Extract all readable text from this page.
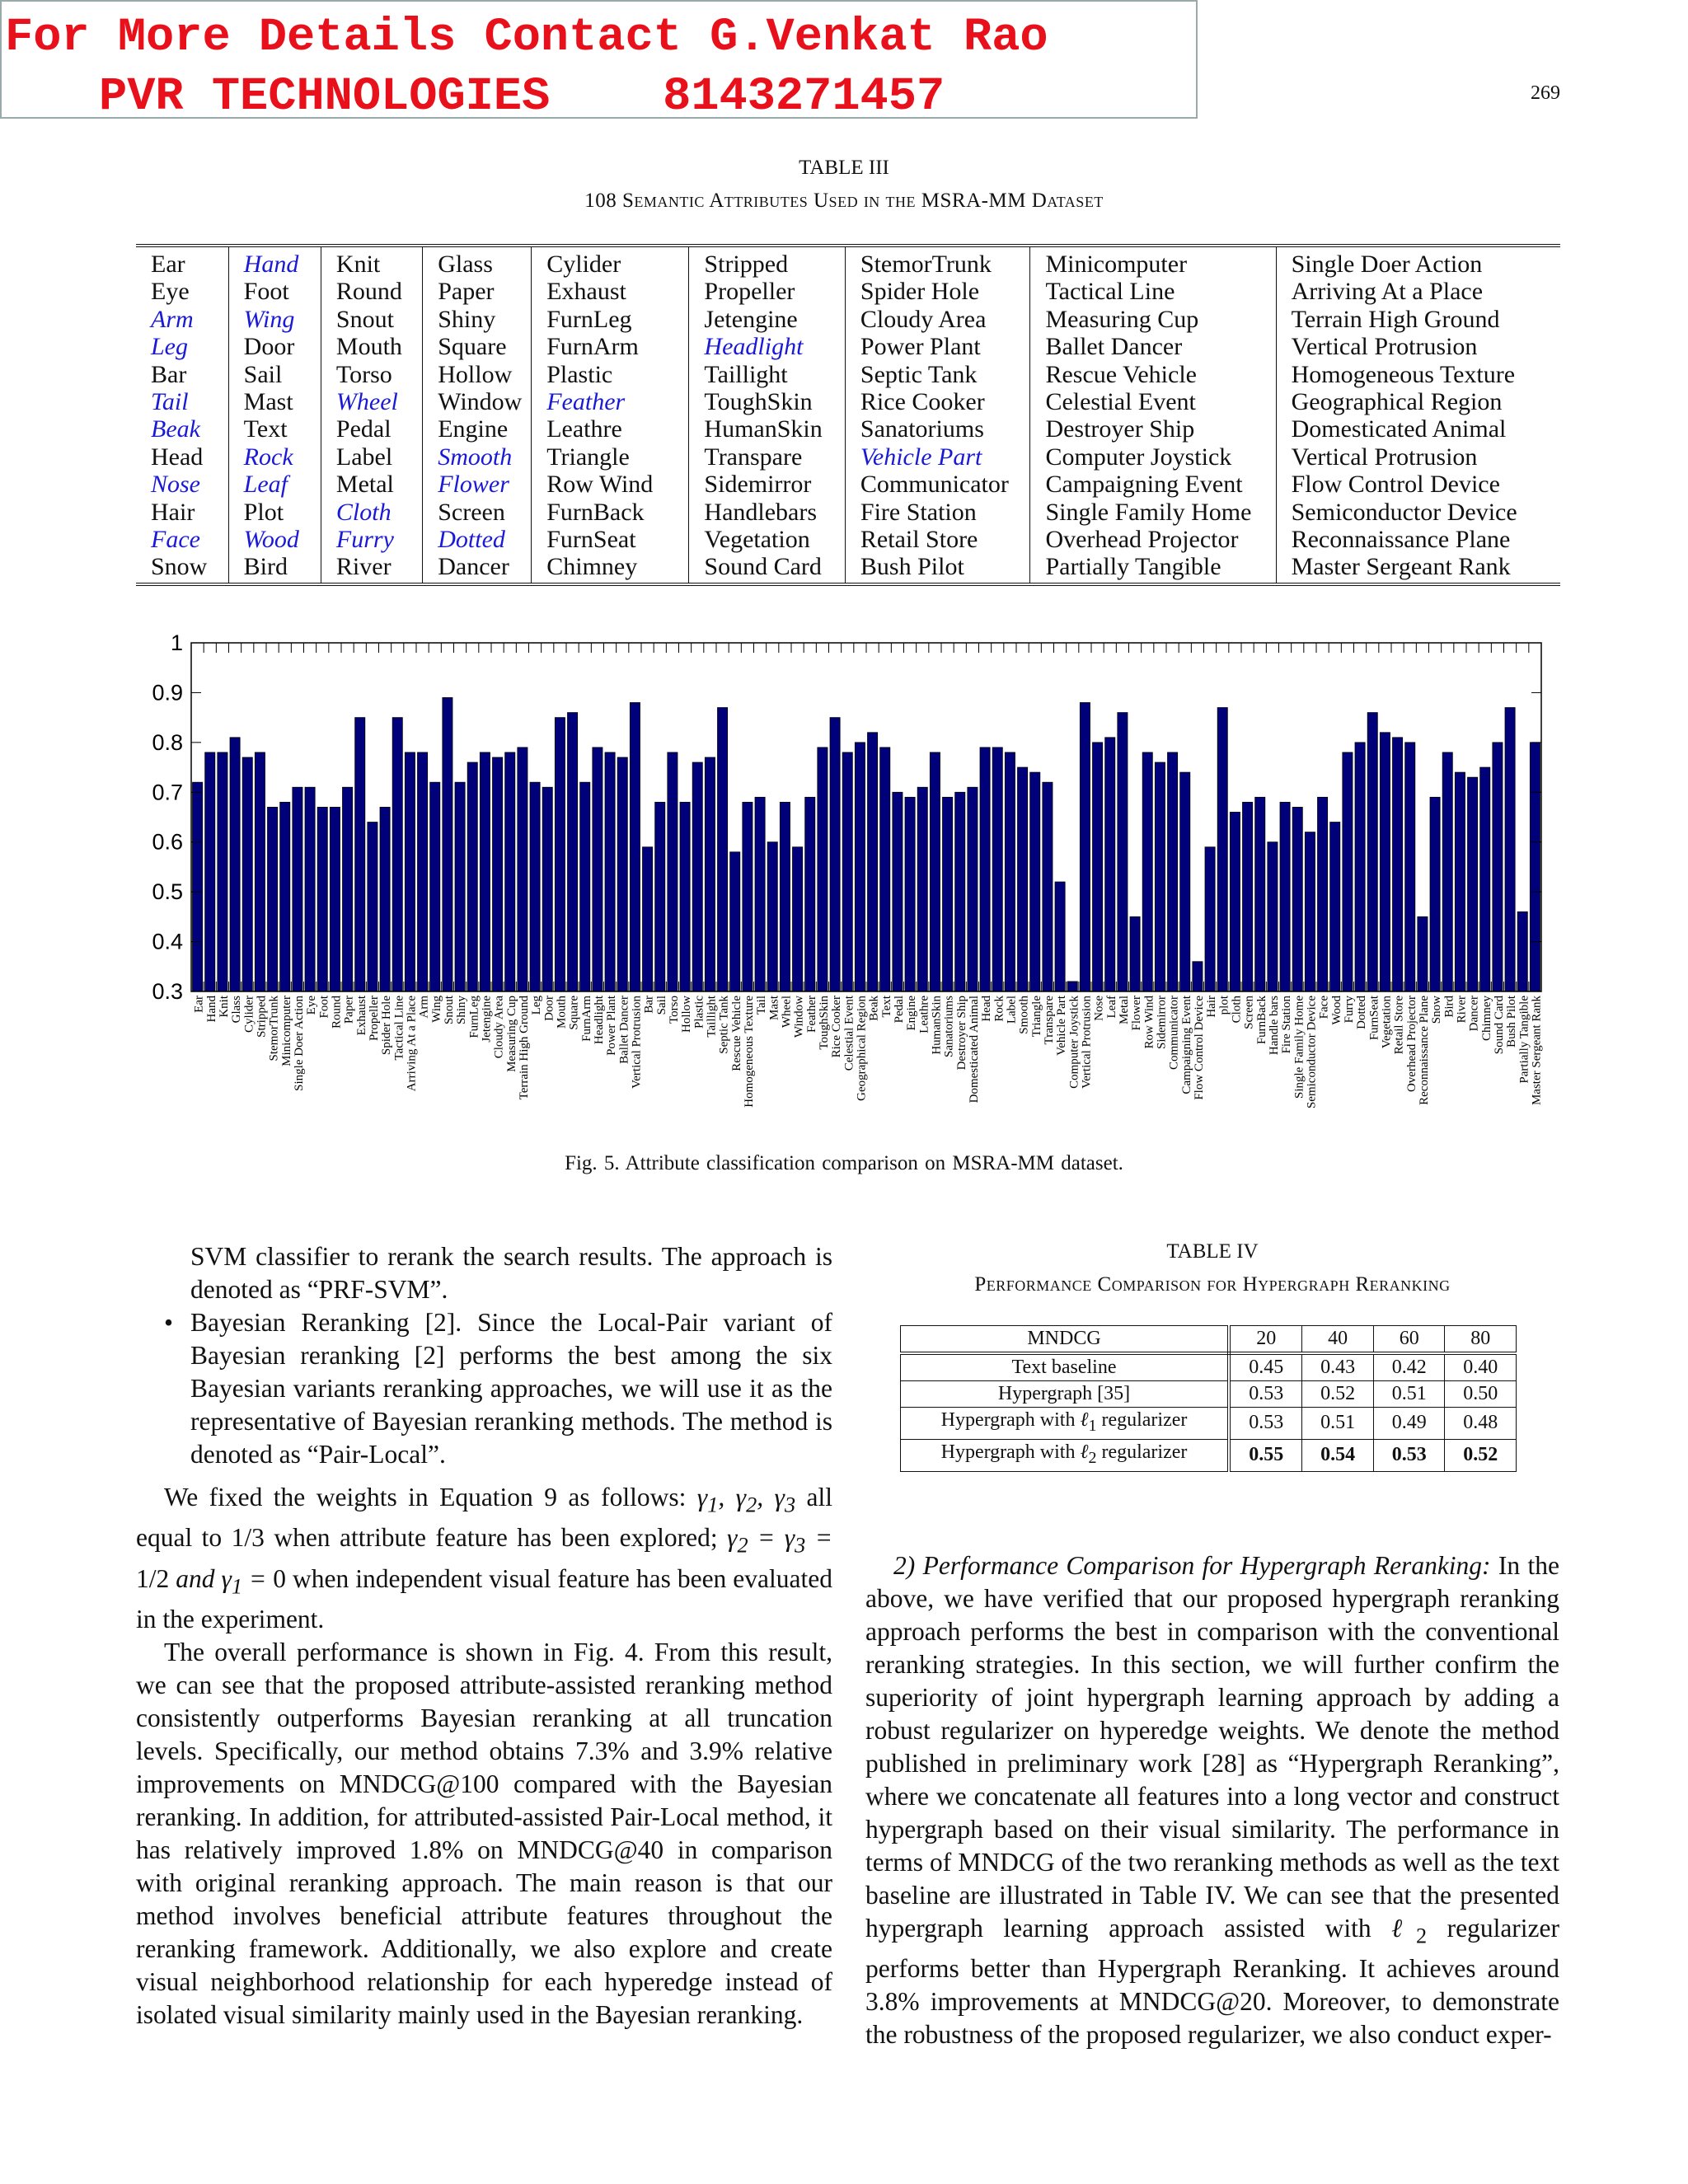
For More Details Contact G.Venkat Rao
PVR TECHNOLOGIES    8143271457	269
TABLE III
108 Semantic Attributes Used in the MSRA-MM Dataset
Ear	Hand	Knit	Glass	Cylider	Stripped	StemorTrunk	Minicomputer	Single Doer Action
Eye	Foot	Round	Paper	Exhaust	Propeller	Spider Hole	Tactical Line	Arriving At a Place
Arm	Wing	Snout	Shiny	FurnLeg	Jetengine	Cloudy Area	Measuring Cup	Terrain High Ground
Leg	Door	Mouth	Square	FurnArm	Headlight	Power Plant	Ballet Dancer	Vertical Protrusion
Bar	Sail	Torso	Hollow	Plastic	Taillight	Septic Tank	Rescue Vehicle	Homogeneous Texture
Tail	Mast	Wheel	Window	Feather	ToughSkin	Rice Cooker	Celestial Event	Geographical Region
Beak	Text	Pedal	Engine	Leathre	HumanSkin	Sanatoriums	Destroyer Ship	Domesticated Animal
Head	Rock	Label	Smooth	Triangle	Transpare	Vehicle Part	Computer Joystick	Vertical Protrusion
Nose	Leaf	Metal	Flower	Row Wind	Sidemirror	Communicator	Campaigning Event	Flow Control Device
Hair	Plot	Cloth	Screen	FurnBack	Handlebars	Fire Station	Single Family Home	Semiconductor Device
Face	Wood	Furry	Dotted	FurnSeat	Vegetation	Retail Store	Overhead Projector	Reconnaissance Plane
Snow	Bird	River	Dancer	Chimney	Sound Card	Bush Pilot	Partially Tangible	Master Sergeant Rank
0.3
0.4
0.5
0.6
0.7
0.8
0.9
1
Ear Hand Knit Glass Cylider Stripped StemorTrunk Minicomputer Single Doer Action Eye Foot Round Paper Exhaust Propeller Spider Hole Tactical Line Arriving At a Place Arm Wing Snout Shiny FurnLeg Jetengine Cloudy Area Measuring Cup Terrain High Ground Leg Door Mouth Square FurnArm Headlight Power Plant Ballet Dancer Vertical Protrusion Bar Sail Torso Hollow Plastic Taillight Septic Tank Rescue Vehicle Homogeneous Texture Tail Mast Wheel Window Feather ToughSkin Rice Cooker Celestial Event Geographical Region Beak Text Pedal Engine Leathre HumanSkin Sanatoriums Destroyer Ship Domesticated Animal Head Rock Label Smooth Triangle Transpare Vehicle Part Computer Joystick Vertical Protrusion Nose Leaf Metal Flower Row Wind Sidemirror Communicator Campaigning Event Flow Control Device Hair plot Cloth Screen FurnBack Handle bars Fire Station Single Family Home Semiconductor Device Face Wood Furry Dotted FurnSeat Vegetation Retail Store Overhead Projector Reconnaissance Plane Snow Bird River Dancer Chimney Sound Card Bush Pilot Partially Tangible Master Sergeant Rank
Fig. 5. Attribute classification comparison on MSRA-MM dataset.

SVM classifier to rerank the search results. The approach is denoted as “PRF-SVM”.

• Bayesian Reranking [2]. Since the Local-Pair variant of Bayesian reranking [2] performs the best among the six Bayesian variants reranking approaches, we will use it as the representative of Bayesian reranking methods. The method is denoted as “Pair-Local”.

We fixed the weights in Equation 9 as follows: $\gamma_1$, $\gamma_2$, $\gamma_3$ all equal to 1/3 when attribute feature has been explored; $\gamma_2 = \gamma_3 = 1/2$ and $\gamma_1 = 0$ when independent visual feature has been evaluated in the experiment.

The overall performance is shown in Fig. 4. From this result, we can see that the proposed attribute-assisted reranking method consistently outperforms Bayesian reranking at all truncation levels. Specifically, our method obtains 7.3% and 3.9% relative improvements on MNDCG@100 compared with the Bayesian reranking. In addition, for attributed-assisted Pair-Local method, it has relatively improved 1.8% on MNDCG@40 in comparison with original reranking approach. The main reason is that our method involves beneficial attribute features throughout the reranking framework. Additionally, we also explore and create visual neighborhood relationship for each hyperedge instead of isolated visual similarity mainly used in the Bayesian reranking.

TABLE IV
Performance Comparison for Hypergraph Reranking
MNDCG	20	40	60	80
Text baseline	0.45	0.43	0.42	0.40
Hypergraph [35]	0.53	0.52	0.51	0.50
Hypergraph with ℓ$_1$ regularizer	0.53	0.51	0.49	0.48
Hypergraph with ℓ$_2$ regularizer	0.55	0.54	0.53	0.52

2) Performance Comparison for Hypergraph Reranking: In the above, we have verified that our proposed hypergraph reranking approach performs the best in comparison with the conventional reranking strategies. In this section, we will further confirm the superiority of joint hypergraph learning approach by adding a robust regularizer on hyperedge weights. We denote the method published in preliminary work [28] as “Hypergraph Reranking”, where we concatenate all features into a long vector and construct hypergraph based on their visual similarity. The performance in terms of MNDCG of the two reranking methods as well as the text baseline are illustrated in Table IV. We can see that the presented hypergraph learning approach assisted with ℓ$_2$ regularizer performs better than Hypergraph Reranking. It achieves around 3.8% improvements at MNDCG@20. Moreover, to demonstrate the robustness of the proposed regularizer, we also conduct exper-
